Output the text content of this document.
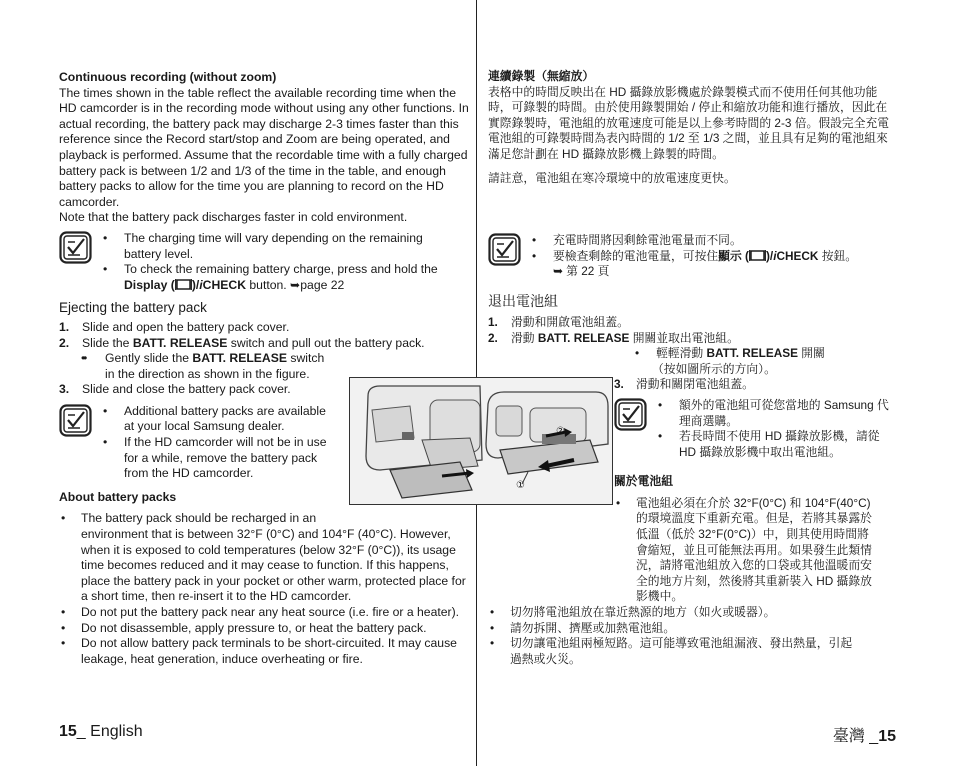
Continuous recording (without zoom)

The times shown in the table reflect the available recording time when the HD camcorder is in the recording mode without using any other functions. In actual recording, the battery pack may discharge 2-3 times faster than this reference since the Record start/stop and Zoom are being operated, and playback is performed. Assume that the recordable time with a fully charged battery pack is between 1/2 and 1/3 of the time in the table, and enough battery packs to allow for the time you are planning to record on the HD camcorder.

Note that the battery pack discharges faster in cold environment.

• The charging time will vary depending on the remaining battery level.
• To check the remaining battery charge, press and hold the Display ( )/iCHECK button. ➥page 22
Ejecting the battery pack
1. Slide and open the battery pack cover.
2. Slide the BATT. RELEASE switch and pull out the battery pack.
• • Gently slide the BATT. RELEASE switch
in the direction as shown in the figure.
3. Slide and close the battery pack cover.
• Additional battery packs are available
at your local Samsung dealer.
• If the HD camcorder will not be in use
for a while, remove the battery pack
from the HD camcorder.
About battery packs
• The battery pack should be recharged in an
environment that is between 32°F (0°C) and 104°F (40°C). However, when it is exposed to cold temperatures (below 32°F (0°C)), its usage time becomes reduced and it may cease to function. If this happens, place the battery pack in your pocket or other warm, protected place for a short time, then re-insert it to the HD camcorder.
• Do not put the battery pack near any heat source (i.e. fire or a heater).
• Do not disassemble, apply pressure to, or heat the battery pack.
• Do not allow battery pack terminals to be short-circuited. It may cause leakage, heat generation, induce overheating or fire.
連續錄製（無縮放）

表格中的時間反映出在 HD 攝錄放影機處於錄製模式而不使用任何其他功能時，可錄製的時間。由於使用錄製開始 / 停止和縮放功能和進行播放，因此在實際錄製時，電池組的放電速度可能是以上參考時間的 2-3 倍。假設完全充電電池組的可錄製時間為表內時間的 1/2 至 1/3 之間，並且具有足夠的電池組來滿足您計劃在 HD 攝錄放影機上錄製的時間。

請註意，電池組在寒冷環境中的放電速度更快。

• 充電時間將因剩餘電池電量而不同。
• 要檢查剩餘的電池電量，可按住顯示 ( )/iCHECK 按鈕。
➥ 第 22 頁
退出電池組
1. 滑動和開啟電池組蓋。
2. 滑動 BATT. RELEASE 開關並取出電池組。
• 輕輕滑動 BATT. RELEASE 開關
（按如圖所示的方向）。
3. 滑動和關閉電池組蓋。
• 額外的電池組可從您當地的 Samsung 代
理商選購。
• 若長時間不使用 HD 攝錄放影機，請從
HD 攝錄放影機中取出電池組。
關於電池組
• 電池組必須在介於 32°F(0°C) 和 104°F(40°C)
的環境溫度下重新充電。但是，若將其暴露於
低溫（低於 32°F(0°C)）中，則其使用時間將
會縮短，並且可能無法再用。如果發生此類情
況，請將電池組放入您的口袋或其他溫暖而安
全的地方片刻，然後將其重新裝入 HD 攝錄放
影機中。
• 切勿將電池組放在靠近熱源的地方（如火或暖器）。
• 請勿拆開、擠壓或加熱電池組。
• 切勿讓電池組兩極短路。這可能導致電池組漏液、發出熱量，引起
過熱或火災。
①
②
15_ English	臺灣 _15
